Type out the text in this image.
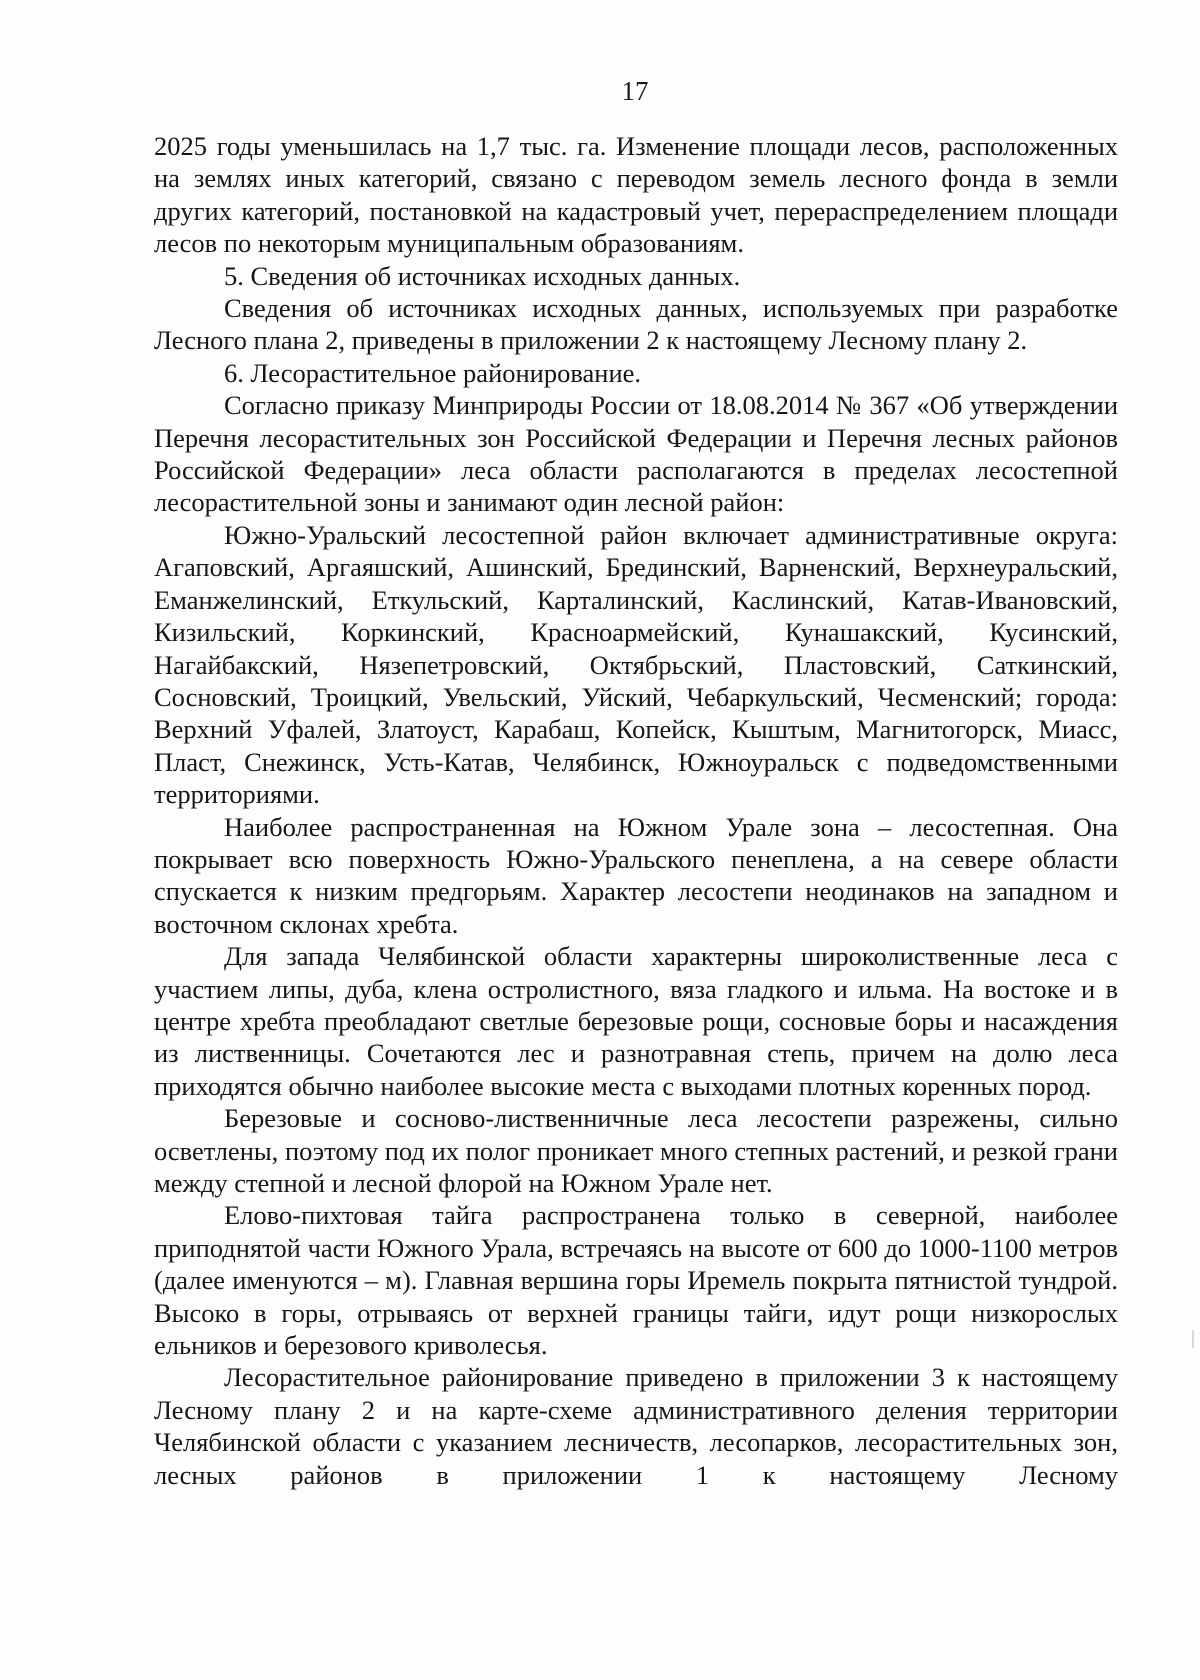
17

2025 годы уменьшилась на 1,7 тыс. га. Изменение площади лесов, расположенных на землях иных категорий, связано с переводом земель лесного фонда в земли других категорий, постановкой на кадастровый учет, перераспределением площади лесов по некоторым муниципальным образованиям.

5. Сведения об источниках исходных данных.

Сведения об источниках исходных данных, используемых при разработке Лесного плана 2, приведены в приложении 2 к настоящему Лесному плану 2.

6. Лесорастительное районирование.

Согласно приказу Минприроды России от 18.08.2014 № 367 «Об утверждении Перечня лесорастительных зон Российской Федерации и Перечня лесных районов Российской Федерации» леса области располагаются в пределах лесостепной лесорастительной зоны и занимают один лесной район:

Южно-Уральский лесостепной район включает административные округа: Агаповский, Аргаяшский, Ашинский, Брединский, Варненский, Верхнеуральский, Еманжелинский, Еткульский, Карталинский, Каслинский, Катав-Ивановский, Кизильский, Коркинский, Красноармейский, Кунашакский, Кусинский, Нагайбакский, Нязепетровский, Октябрьский, Пластовский, Саткинский, Сосновский, Троицкий, Увельский, Уйский, Чебаркульский, Чесменский; города: Верхний Уфалей, Златоуст, Карабаш, Копейск, Кыштым, Магнитогорск, Миасс, Пласт, Снежинск, Усть-Катав, Челябинск, Южноуральск с подведомственными территориями.

Наиболее распространенная на Южном Урале зона – лесостепная. Она покрывает всю поверхность Южно-Уральского пенеплена, а на севере области спускается к низким предгорьям. Характер лесостепи неодинаков на западном и восточном склонах хребта.

Для запада Челябинской области характерны широколиственные леса с участием липы, дуба, клена остролистного, вяза гладкого и ильма. На востоке и в центре хребта преобладают светлые березовые рощи, сосновые боры и насаждения из лиственницы. Сочетаются лес и разнотравная степь, причем на долю леса приходятся обычно наиболее высокие места с выходами плотных коренных пород.

Березовые и сосново-лиственничные леса лесостепи разрежены, сильно осветлены, поэтому под их полог проникает много степных растений, и резкой грани между степной и лесной флорой на Южном Урале нет.

Елово-пихтовая тайга распространена только в северной, наиболее приподнятой части Южного Урала, встречаясь на высоте от 600 до 1000-1100 метров (далее именуются – м). Главная вершина горы Иремель покрыта пятнистой тундрой. Высоко в горы, отрываясь от верхней границы тайги, идут рощи низкорослых ельников и березового криволесья.

Лесорастительное районирование приведено в приложении 3 к настоящему Лесному плану 2 и на карте-схеме административного деления территории Челябинской области с указанием лесничеств, лесопарков, лесорастительных зон, лесных районов в приложении 1 к настоящему Лесному
